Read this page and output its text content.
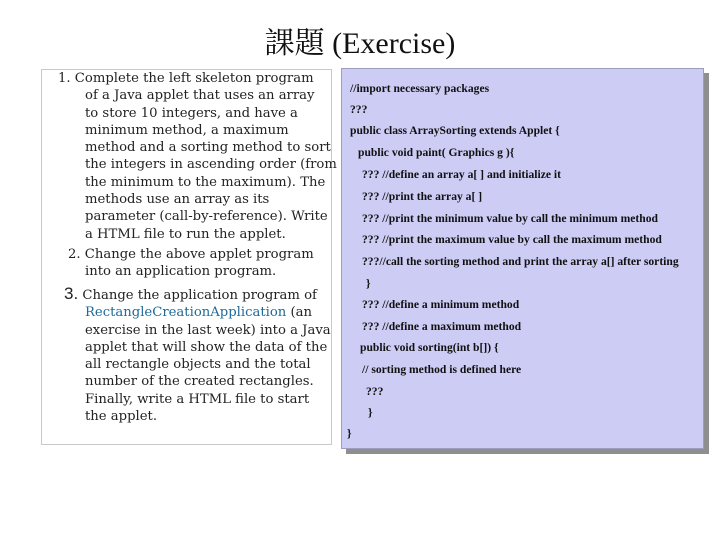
課題 (Exercise)
1. Complete the left skeleton program
of a Java applet that uses an array
to store 10 integers, and have a
minimum method, a maximum
method and a sorting method to sort
the integers in ascending order (from
the minimum to the maximum). The
methods use an array as its
parameter (call-by-reference). Write
a HTML file to run the applet.
2. Change the above applet program
into an application program.
3. Change the application program of
RectangleCreationApplication (an
exercise in the last week) into a Java
applet that will show the data of the
all rectangle objects and the total
number of the created rectangles.
Finally, write a HTML file to start
the applet.
//import necessary packages
???
public class ArraySorting extends Applet {
public void paint( Graphics g ){
??? //define an array a[ ] and initialize it
??? //print the array a[ ]
??? //print the minimum value by call the minimum method
??? //print the maximum value by call the maximum method
???//call the sorting method and print the array a[] after sorting
}
??? //define a minimum method
??? //define a maximum method
public void sorting(int b[]) {
// sorting method is defined here
???
}
}
